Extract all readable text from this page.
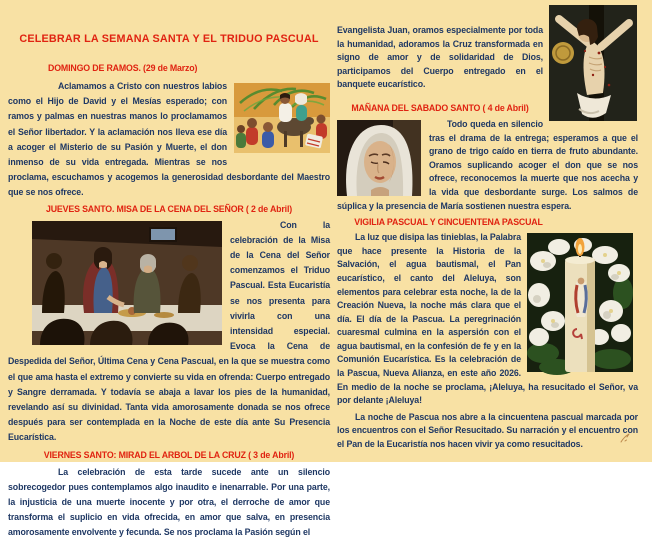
CELEBRAR LA SEMANA SANTA Y EL TRIDUO PASCUAL
DOMINGO DE RAMOS. (29 de Marzo)

Aclamamos a Cristo con nuestros labios como el Hijo de David y el Mesías esperado; con ramos y palmas en nuestras manos lo proclamamos el Señor libertador. Y la aclamación nos lleva ese día a acoger el Misterio de su Pasión y Muerte, el don inmenso de su vida entregada. Mientras se nos proclama, escuchamos y acogemos la generosidad desbordante del Maestro que se nos ofrece.

JUEVES SANTO. MISA DE LA CENA DEL SEÑOR ( 2 de Abril)

Con la celebración de la Misa de la Cena del Señor comenzamos el Triduo Pascual. Esta Eucaristía se nos presenta para vivirla con una intensidad especial. Evoca la Cena de Despedida del Señor, Última Cena y Cena Pascual, en la que se muestra como el que ama hasta el extremo y convierte su vida en ofrenda: Cuerpo entregado y Sangre derramada. Y todavía se abaja a lavar los pies de la humanidad, revelando así su divinidad. Tanta vida amorosamente donada se nos ofrece después para ser contemplada en la Noche de este día ante Su Presencia Eucarística.

VIERNES SANTO: MIRAD EL ARBOL DE LA CRUZ ( 3 de Abril)

La celebración de esta tarde sucede ante un silencio sobrecogedor pues contemplamos algo inaudito e inenarrable. Por una parte, la injusticia de una muerte inocente y por otra, el derroche de amor que transforma el suplicio en vida ofrecida, en amor que salva, en presencia amorosamente envolvente y fecunda. Se nos proclama la Pasión según el

Evangelista Juan, oramos especialmente por toda la humanidad, adoramos la Cruz transformada en signo de amor y de solidaridad de Dios, participamos del Cuerpo entregado en el banquete eucarístico.

MAÑANA DEL SABADO SANTO ( 4 de Abril)

Todo queda en silencio tras el drama de la entrega; esperamos a que el grano de trigo caído en tierra de fruto abundante. Oramos suplicando acoger el don que se nos ofrece, reconocemos la muerte que nos acecha y la vida que desbordante surge. Los salmos de súplica y la presencia de María sostienen nuestra espera.

VIGILIA PASCUAL Y CINCUENTENA PASCUAL

La luz que disipa las tinieblas, la Palabra que hace presente la Historia de la Salvación, el agua bautismal, el Pan eucarístico, el canto del Aleluya, son elementos para celebrar esta noche, la de la Creación Nueva, la noche más clara que el día. El día de la Pascua. La peregrinación cuaresmal culmina en la aspersión con el agua bautismal, en la confesión de fe y en la Comunión Eucarística. Es la celebración de la Pascua, Nueva Alianza, en este año 2026. En medio de la noche se proclama, ¡Aleluya, ha resucitado el Señor, va por delante ¡Aleluya!

La noche de Pascua nos abre a la cincuentena pascual marcada por los encuentros con el Señor Resucitado. Su narración y el encuentro con el Pan de la Eucaristía nos hacen vivir ya como resucitados.
